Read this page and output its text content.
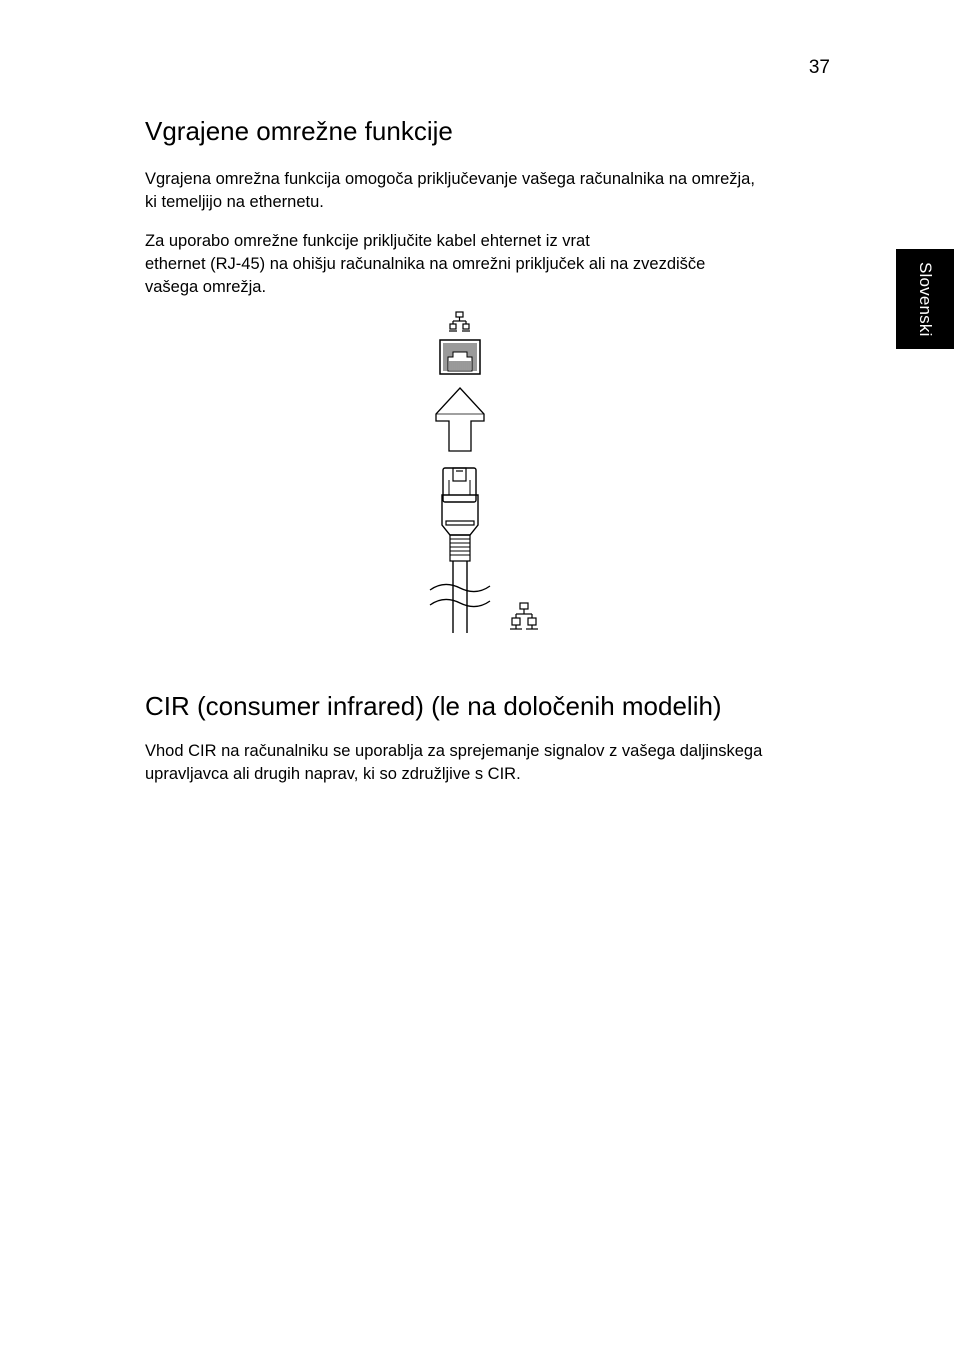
37
Slovenski
Vgrajene omrežne funkcije

Vgrajena omrežna funkcija omogoča priključevanje vašega računalnika na omrežja,
ki temeljijo na ethernetu.

Za uporabo omrežne funkcije priključite kabel ehternet iz vrat
ethernet (RJ-45) na ohišju računalnika na omrežni priključek ali na zvezdišče
vašega omrežja.

CIR (consumer infrared) (le na določenih modelih)

Vhod CIR na računalniku se uporablja za sprejemanje signalov z vašega daljinskega
upravljavca ali drugih naprav, ki so združljive s CIR.
